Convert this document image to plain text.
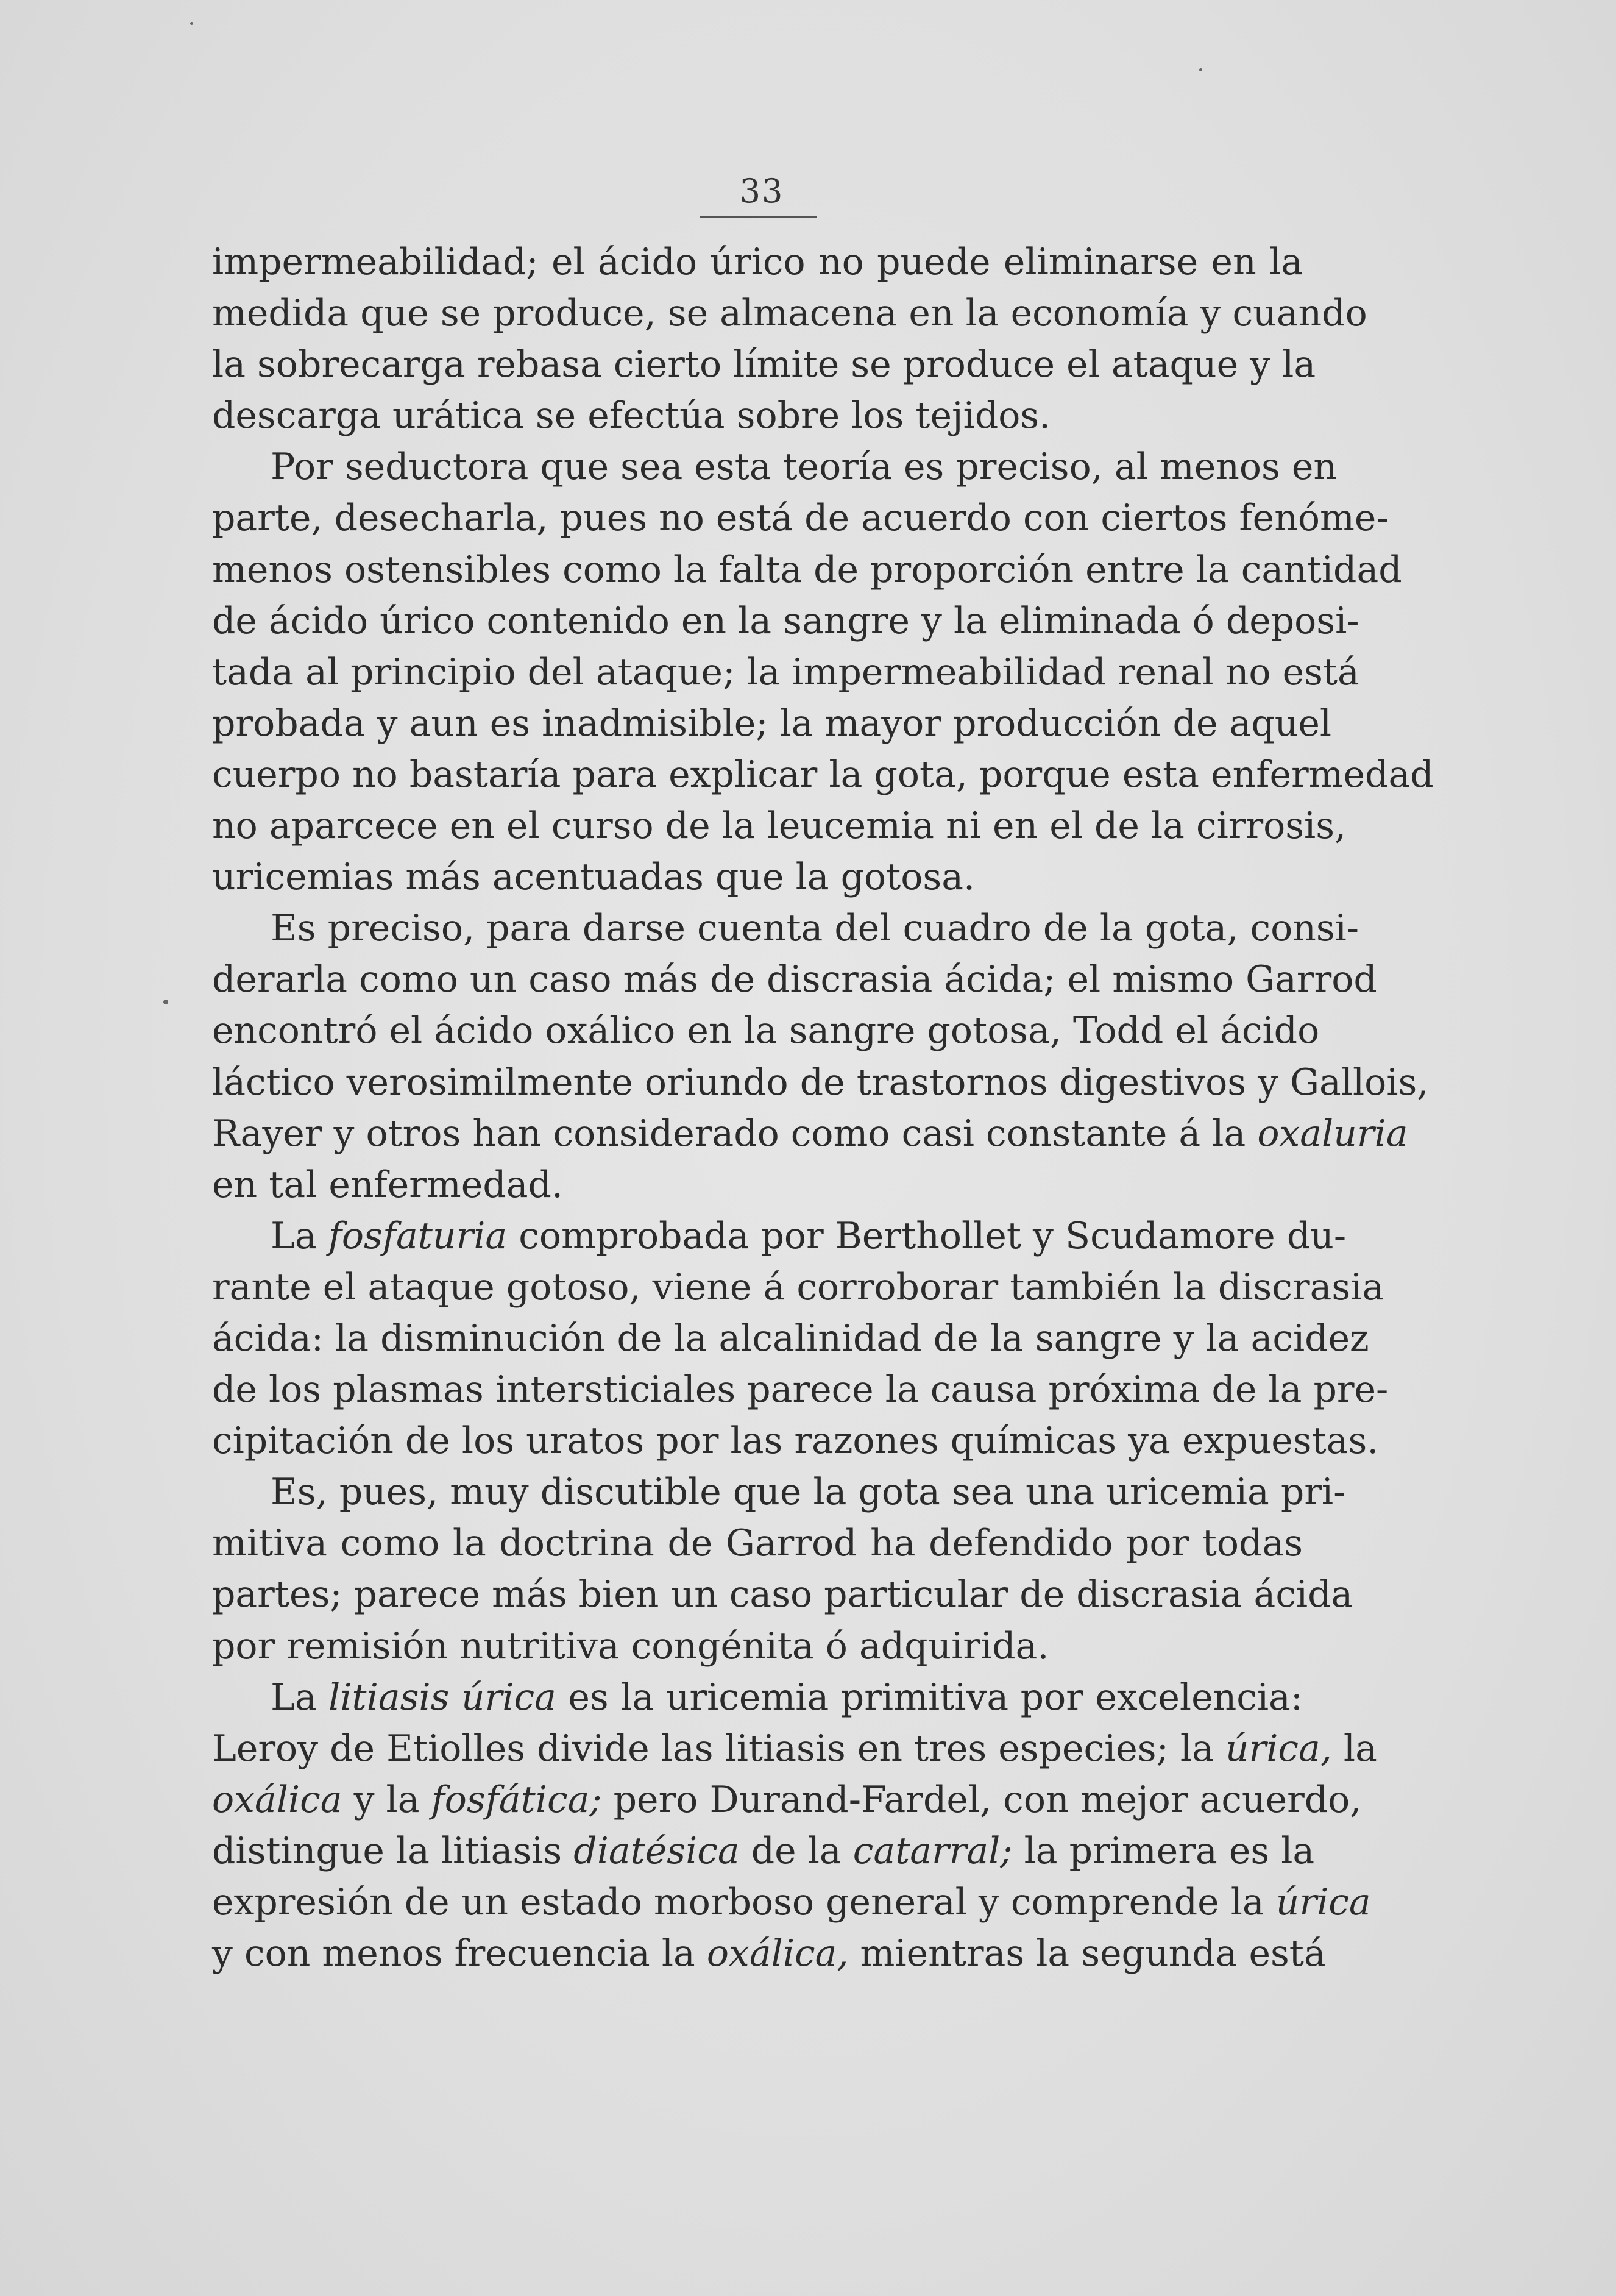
33
impermeabilidad; el ácido úrico no puede eliminarse en la
medida que se produce, se almacena en la economía y cuando
la sobrecarga rebasa cierto límite se produce el ataque y la
descarga urática se efectúa sobre los tejidos.
Por seductora que sea esta teoría es preciso, al menos en
parte, desecharla, pues no está de acuerdo con ciertos fenóme-
menos ostensibles como la falta de proporción entre la cantidad
de ácido úrico contenido en la sangre y la eliminada ó deposi-
tada al principio del ataque; la impermeabilidad renal no está
probada y aun es inadmisible; la mayor producción de aquel
cuerpo no bastaría para explicar la gota, porque esta enfermedad
no aparcece en el curso de la leucemia ni en el de la cirrosis,
uricemias más acentuadas que la gotosa.
Es preciso, para darse cuenta del cuadro de la gota, consi-
derarla como un caso más de discrasia ácida; el mismo Garrod
encontró el ácido oxálico en la sangre gotosa, Todd el ácido
láctico verosimilmente oriundo de trastornos digestivos y Gallois,
Rayer y otros han considerado como casi constante á la oxaluria
en tal enfermedad.
La fosfaturia comprobada por Berthollet y Scudamore du-
rante el ataque gotoso, viene á corroborar también la discrasia
ácida: la disminución de la alcalinidad de la sangre y la acidez
de los plasmas intersticiales parece la causa próxima de la pre-
cipitación de los uratos por las razones químicas ya expuestas.
Es, pues, muy discutible que la gota sea una uricemia pri-
mitiva como la doctrina de Garrod ha defendido por todas
partes; parece más bien un caso particular de discrasia ácida
por remisión nutritiva congénita ó adquirida.
La litiasis úrica es la uricemia primitiva por excelencia:
Leroy de Etiolles divide las litiasis en tres especies; la úrica, la
oxálica y la fosfática; pero Durand-Fardel, con mejor acuerdo,
distingue la litiasis diatésica de la catarral; la primera es la
expresión de un estado morboso general y comprende la úrica
y con menos frecuencia la oxálica, mientras la segunda está
